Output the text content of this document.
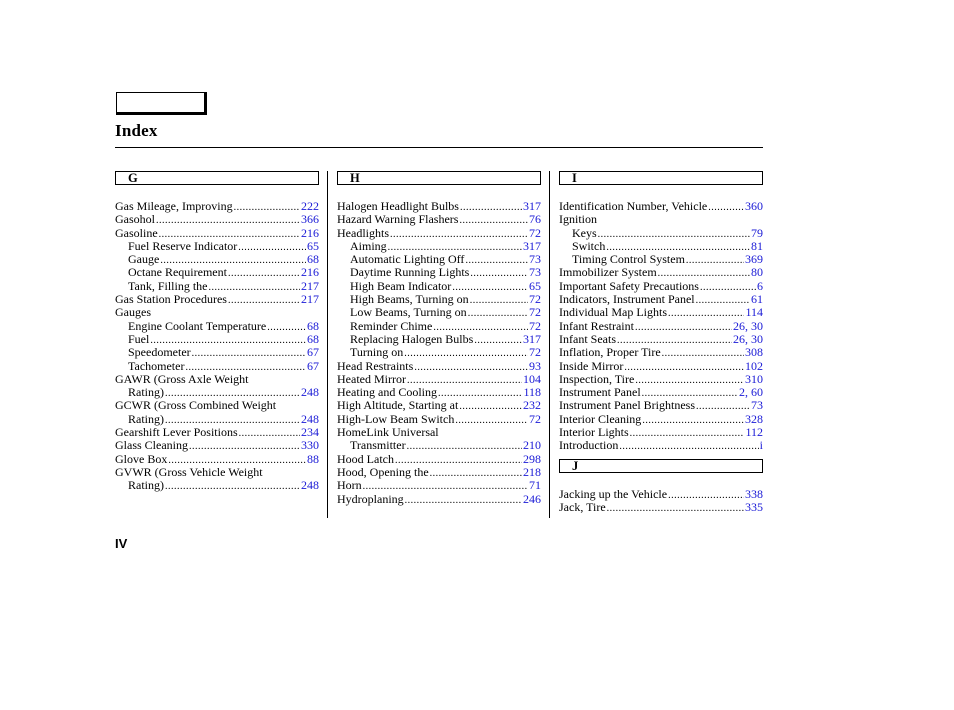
Index
G
Gas Mileage, Improving .....	222
Gasohol .....	366
Gasoline .....	216
Fuel Reserve Indicator .....	65
Gauge .....	68
Octane Requirement .....	216
Tank, Filling the .....	217
Gas Station Procedures .....	217
Gauges
Engine Coolant Temperature .....	68
Fuel .....	68
Speedometer .....	67
Tachometer .....	67
GAWR (Gross Axle Weight
Rating) .....	248
GCWR (Gross Combined Weight
Rating) .....	248
Gearshift Lever Positions .....	234
Glass Cleaning .....	330
Glove Box .....	88
GVWR (Gross Vehicle Weight
Rating) .....	248
H
Halogen Headlight Bulbs .....	317
Hazard Warning Flashers .....	76
Headlights .....	72
Aiming .....	317
Automatic Lighting Off .....	73
Daytime Running Lights .....	73
High Beam Indicator .....	65
High Beams, Turning on .....	72
Low Beams, Turning on .....	72
Reminder Chime .....	72
Replacing Halogen Bulbs .....	317
Turning on .....	72
Head Restraints .....	93
Heated Mirror .....	104
Heating and Cooling .....	118
High Altitude, Starting at .....	232
High-Low Beam Switch .....	72
HomeLink Universal
Transmitter .....	210
Hood Latch .....	298
Hood, Opening the .....	218
Horn .....	71
Hydroplaning .....	246
I
Identification Number, Vehicle .....	360
Ignition
Keys .....	79
Switch .....	81
Timing Control System .....	369
Immobilizer System .....	80
Important Safety Precautions .....	6
Indicators, Instrument Panel .....	61
Individual Map Lights .....	114
Infant Restraint .....	26, 30
Infant Seats .....	26, 30
Inflation, Proper Tire .....	308
Inside Mirror .....	102
Inspection, Tire .....	310
Instrument Panel .....	2, 60
Instrument Panel Brightness .....	73
Interior Cleaning .....	328
Interior Lights .....	112
Introduction .....	i
J
Jacking up the Vehicle .....	338
Jack, Tire .....	335
IV
